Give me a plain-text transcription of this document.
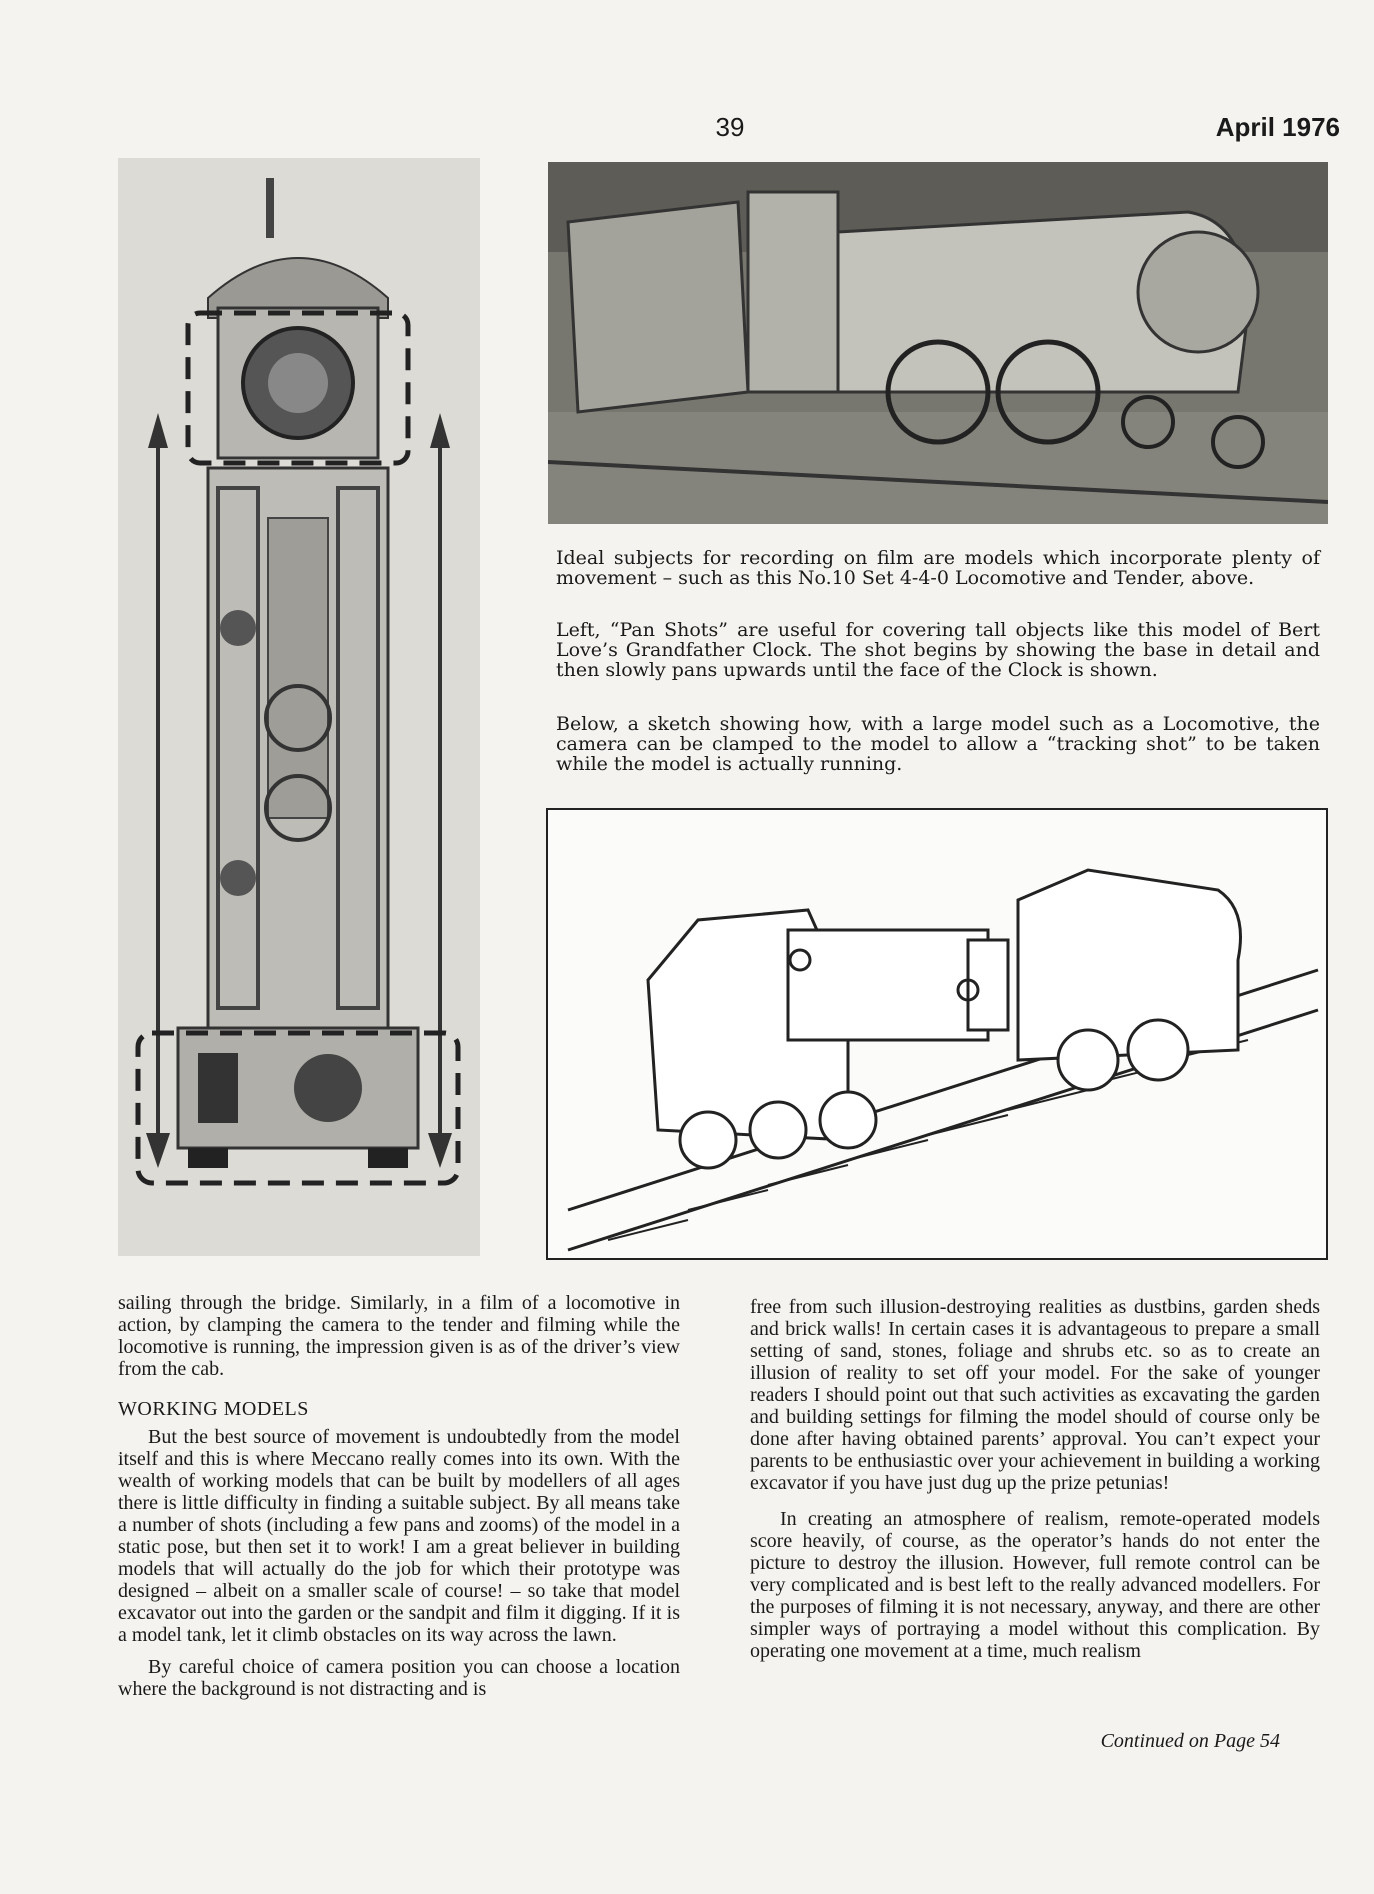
39	April 1976
Ideal subjects for recording on film are models which incorporate plenty of movement – such as this No.10 Set 4-4-0 Locomotive and Tender, above.
Left, “Pan Shots” are useful for covering tall objects like this model of Bert Love’s Grandfather Clock. The shot begins by showing the base in detail and then slowly pans upwards until the face of the Clock is shown.
Below, a sketch showing how, with a large model such as a Locomotive, the camera can be clamped to the model to allow a “tracking shot” to be taken while the model is actually running.

sailing through the bridge. Similarly, in a film of a locomotive in action, by clamping the camera to the tender and filming while the locomotive is running, the impression given is as of the driver’s view from the cab.

WORKING MODELS

But the best source of movement is undoubtedly from the model itself and this is where Meccano really comes into its own. With the wealth of working models that can be built by modellers of all ages there is little difficulty in finding a suitable subject. By all means take a number of shots (including a few pans and zooms) of the model in a static pose, but then set it to work! I am a great believer in building models that will actually do the job for which their prototype was designed – albeit on a smaller scale of course! – so take that model excavator out into the garden or the sandpit and film it digging. If it is a model tank, let it climb obstacles on its way across the lawn.

By careful choice of camera position you can choose a location where the background is not distracting and is

free from such illusion-destroying realities as dustbins, garden sheds and brick walls! In certain cases it is advantageous to prepare a small setting of sand, stones, foliage and shrubs etc. so as to create an illusion of reality to set off your model. For the sake of younger readers I should point out that such activities as excavating the garden and building settings for filming the model should of course only be done after having obtained parents’ approval. You can’t expect your parents to be enthusiastic over your achievement in building a working excavator if you have just dug up the prize petunias!

In creating an atmosphere of realism, remote-operated models score heavily, of course, as the operator’s hands do not enter the picture to destroy the illusion. However, full remote control can be very complicated and is best left to the really advanced modellers. For the purposes of filming it is not necessary, anyway, and there are other simpler ways of portraying a model without this complication. By operating one movement at a time, much realism

Continued on Page 54
